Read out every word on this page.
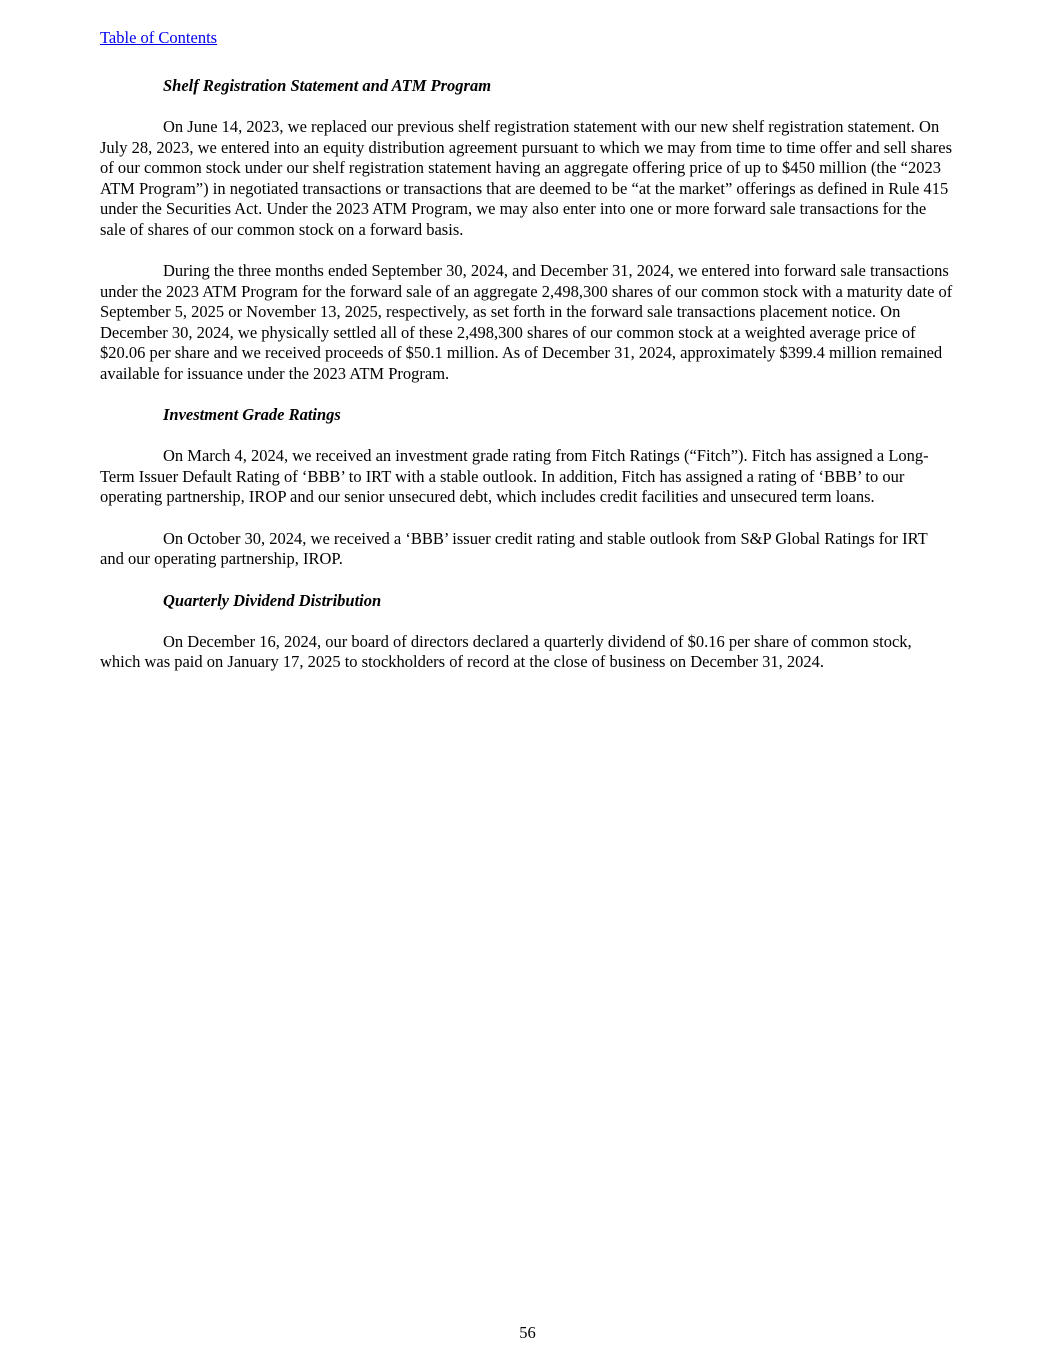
Table of Contents
Shelf Registration Statement and ATM Program

On June 14, 2023, we replaced our previous shelf registration statement with our new shelf registration statement. On July 28, 2023, we entered into an equity distribution agreement pursuant to which we may from time to time offer and sell shares of our common stock under our shelf registration statement having an aggregate offering price of up to $450 million (the “2023 ATM Program”) in negotiated transactions or transactions that are deemed to be “at the market” offerings as defined in Rule 415 under the Securities Act. Under the 2023 ATM Program, we may also enter into one or more forward sale transactions for the sale of shares of our common stock on a forward basis.

During the three months ended September 30, 2024, and December 31, 2024, we entered into forward sale transactions under the 2023 ATM Program for the forward sale of an aggregate 2,498,300 shares of our common stock with a maturity date of September 5, 2025 or November 13, 2025, respectively, as set forth in the forward sale transactions placement notice. On December 30, 2024, we physically settled all of these 2,498,300 shares of our common stock at a weighted average price of $20.06 per share and we received proceeds of $50.1 million. As of December 31, 2024, approximately $399.4 million remained available for issuance under the 2023 ATM Program.

Investment Grade Ratings

On March 4, 2024, we received an investment grade rating from Fitch Ratings (“Fitch”). Fitch has assigned a Long-Term Issuer Default Rating of ‘BBB’ to IRT with a stable outlook. In addition, Fitch has assigned a rating of ‘BBB’ to our operating partnership, IROP and our senior unsecured debt, which includes credit facilities and unsecured term loans.

On October 30, 2024, we received a ‘BBB’ issuer credit rating and stable outlook from S&P Global Ratings for IRT and our operating partnership, IROP.

Quarterly Dividend Distribution

On December 16, 2024, our board of directors declared a quarterly dividend of $0.16 per share of common stock, which was paid on January 17, 2025 to stockholders of record at the close of business on December 31, 2024.

56
